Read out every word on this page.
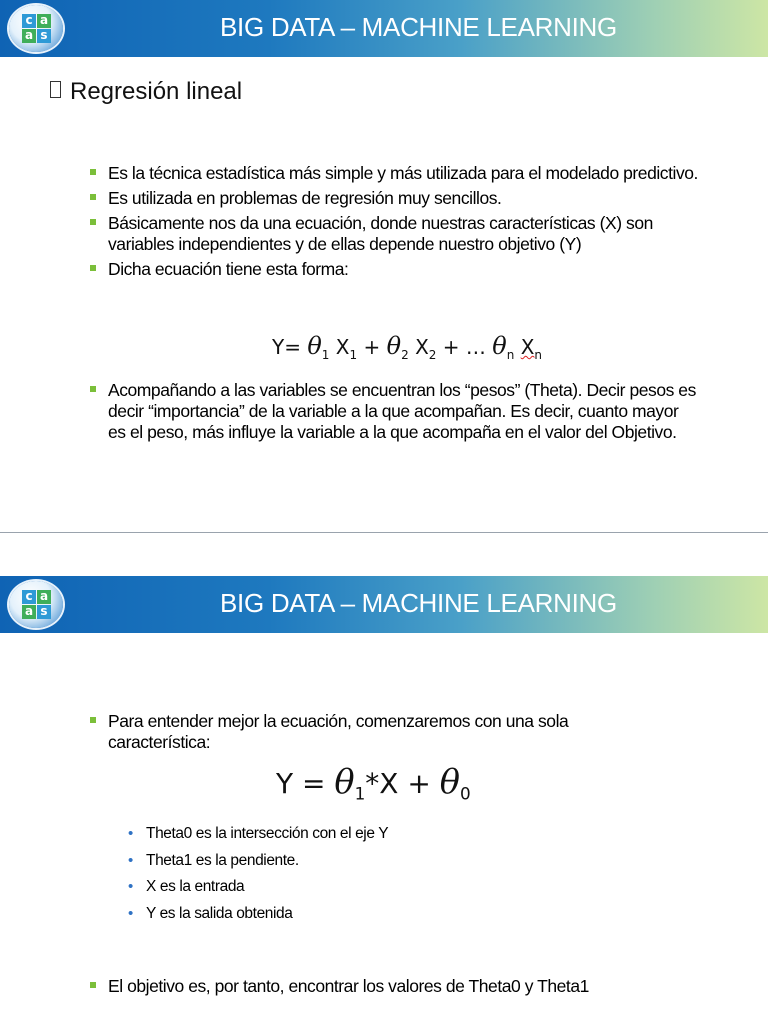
c a
a s	BIG DATA – MACHINE LEARNING
Regresión lineal
Es la técnica estadística más simple y más utilizada para el modelado predictivo.
Es utilizada en problemas de regresión muy sencillos.
Básicamente nos da una ecuación, donde nuestras características (X) son variables independientes y de ellas depende nuestro objetivo (Y)
Dicha ecuación tiene esta forma:
$Y= \theta_1$ $X_1 + \theta_2$ $X_2$ + … $\theta_n$ $X_n$
Acompañando a las variables se encuentran los “pesos” (Theta). Decir pesos es decir “importancia” de la variable a la que acompañan. Es decir, cuanto mayor es el peso, más influye la variable a la que acompaña en el valor del Objetivo.
c a
a s	BIG DATA – MACHINE LEARNING
Para entender mejor la ecuación, comenzaremos con una sola característica:
$Y = \theta_1*X + \theta_0$
• Theta0 es la intersección con el eje Y
• Theta1 es la pendiente.
• X es la entrada
• Y es la salida obtenida
El objetivo es, por tanto, encontrar los valores de Theta0 y Theta1
